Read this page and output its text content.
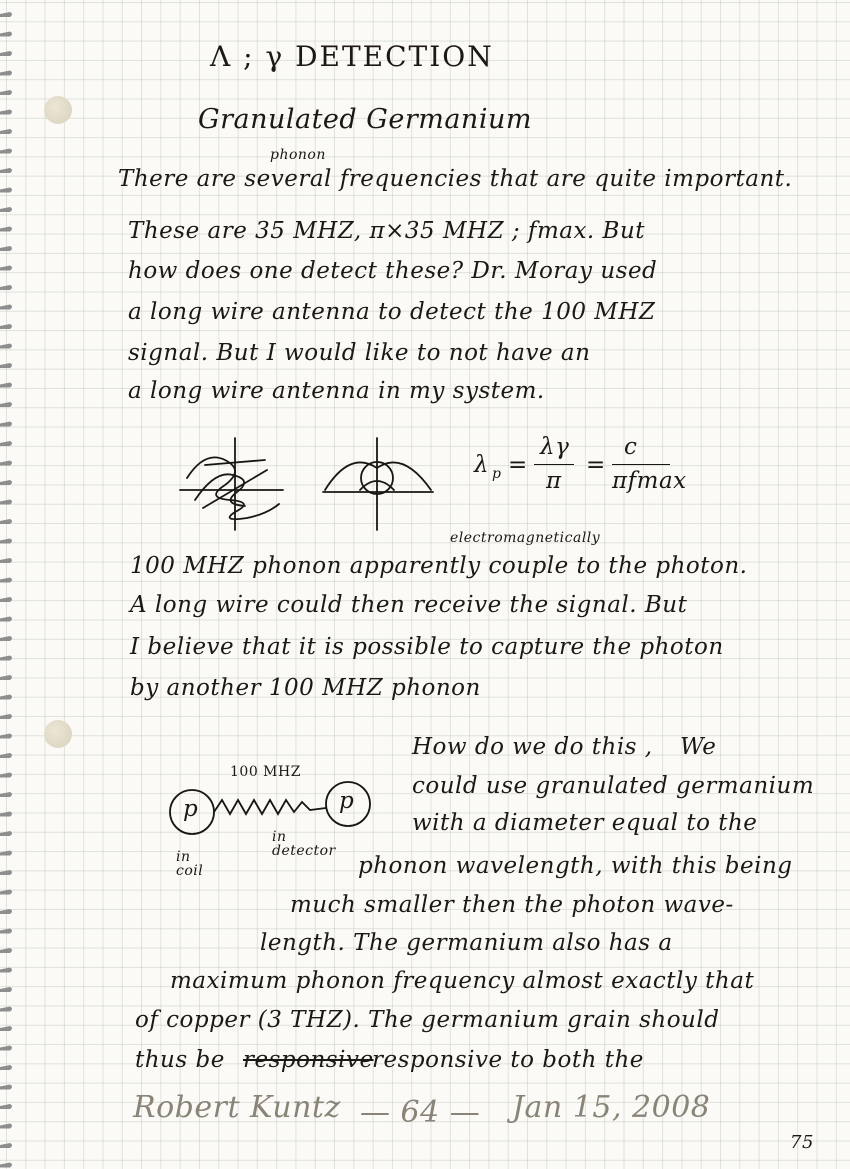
Λ ; γ DETECTION
Granulated Germanium
phonon
There are several frequencies that are quite important.
These are 35 MHZ, π×35 MHZ ; fmax. But
how does one detect these? Dr. Moray used
a long wire antenna to detect the 100 MHZ
signal. But I would like to not have an
a long wire antenna in my system.
λ p =
λγ
π
=
c
πfmax
electromagnetically
100 MHZ phonon apparently couple to the photon.
A long wire could then receive the signal. But
I believe that it is possible to capture the photon
by another 100 MHZ phonon
100 MHZ
p	p
in
coil
in
detector
How do we do this , We
could use granulated germanium
with a diameter equal to the
phonon wavelength, with this being
much smaller then the photon wave-
length. The germanium also has a
maximum phonon frequency almost exactly that
of copper (3 THZ). The germanium grain should
thus be responsive
responsive to both the
Robert Kuntz — 64 — Jan 15, 2008
75
